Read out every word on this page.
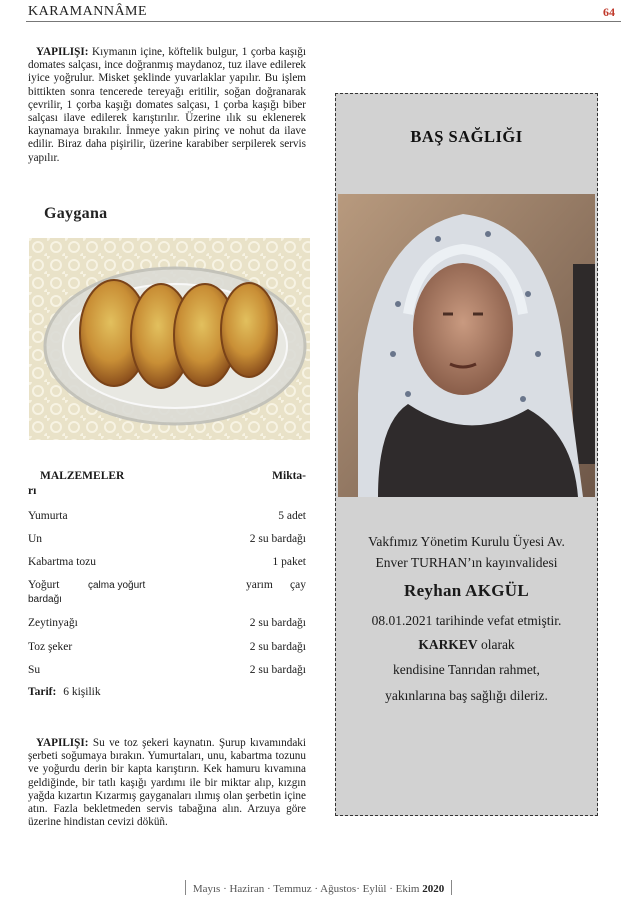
KARAMANNÂME	64
YAPILIŞI: Kıymanın içine, köftelik bulgur, 1 çorba kaşığı domates salçası, ince doğranmış maydanoz, tuz ilave edilerek iyice yoğrulur. Misket şeklinde yuvarlaklar yapılır. Bu işlem bittikten sonra tencerede tereyağı eritilir, soğan doğranarak çevrilir, 1 çorba kaşığı domates salçası, 1 çorba kaşığı biber salçası ilave edilerek karıştırılır. Üzerine ılık su eklenerek kaynamaya bırakılır. İnmeye yakın pirinç ve nohut da ilave edilir. Biraz daha pişirilir, üzerine karabiber serpilerek servis yapılır.
Gaygana
MALZEMELER	Mikta-
rı
Yumurta	5 adet
Un	2 su bardağı
Kabartma tozu	1 paket
Yoğurt	çalma yoğurt	yarım çay
bardağı
Zeytinyağı	2 su bardağı
Toz şeker	2 su bardağı
Su	2 su bardağı
Tarif: 6 kişilik
YAPILIŞI: Su ve toz şekeri kaynatın. Şurup kıvamındaki şerbeti soğumaya bırakın. Yumurtaları, unu, kabartma tozunu ve yoğurdu derin bir kapta karıştırın. Kek hamuru kıvamına geldiğinde, bir tatlı kaşığı yardımı ile bir miktar alıp, kızgın yağda kızartın Kızarmış gayganaları ılımış olan şerbetin içine atın. Fazla bekletmeden servis tabağına alın. Arzuya göre üzerine hindistan cevizi döküñ.
BAŞ SAĞLIĞI
Vakfımız Yönetim Kurulu Üyesi Av.
Enver TURHAN’ın kayınvalidesi
Reyhan AKGÜL
08.01.2021 tarihinde vefat etmiştir.
KARKEV olarak
kendisine Tanrıdan rahmet,
yakınlarına baş sağlığı dileriz.
Mayıs · Haziran · Temmuz · Ağustos· Eylül · Ekim 2020
